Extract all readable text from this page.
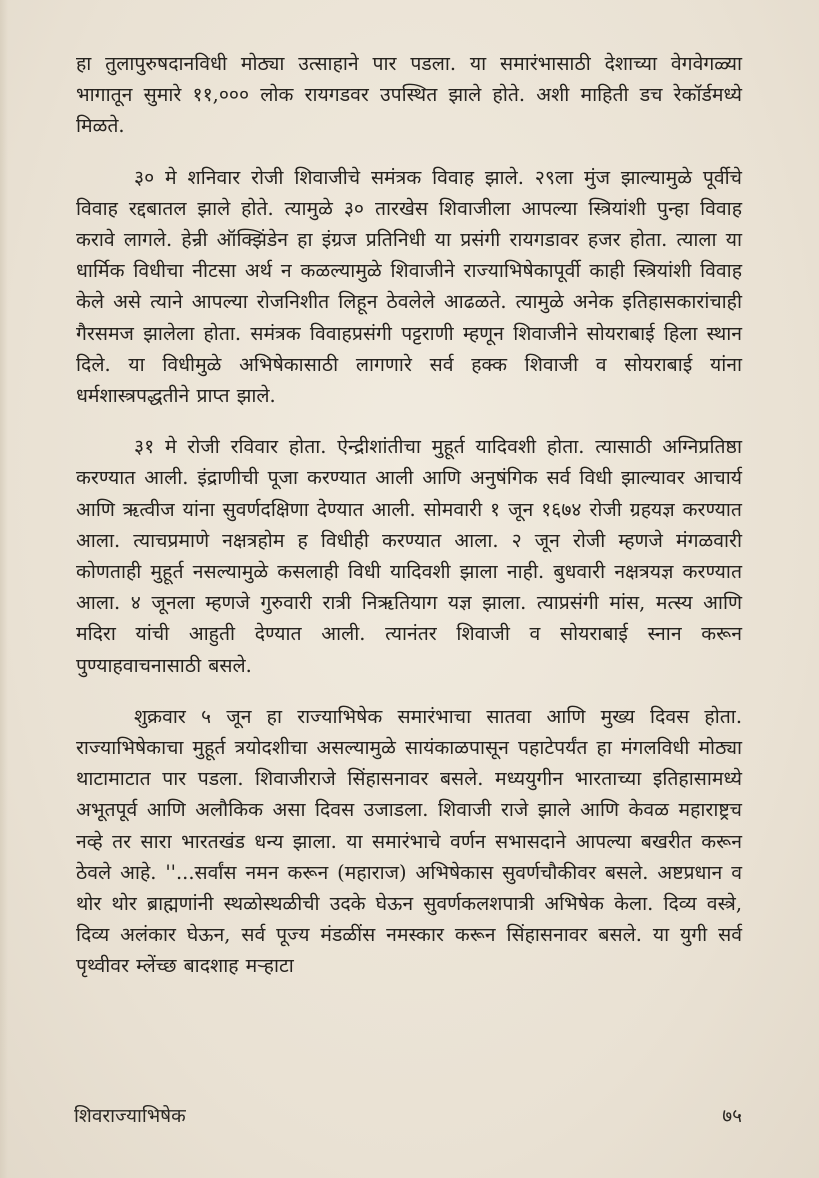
हा तुलापुरुषदानविधी मोठ्या उत्साहाने पार पडला. या समारंभासाठी देशाच्या वेगवेगळ्या भागातून सुमारे ११,००० लोक रायगडवर उपस्थित झाले होते. अशी माहिती डच रेकॉर्डमध्ये मिळते.

३० मे शनिवार रोजी शिवाजीचे समंत्रक विवाह झाले. २९ला मुंज झाल्यामुळे पूर्वीचे विवाह रद्दबातल झाले होते. त्यामुळे ३० तारखेस शिवाजीला आपल्या स्त्रियांशी पुन्हा विवाह करावे लागले. हेन्री ऑक्झिंडेन हा इंग्रज प्रतिनिधी या प्रसंगी रायगडावर हजर होता. त्याला या धार्मिक विधीचा नीटसा अर्थ न कळल्यामुळे शिवाजीने राज्याभिषेकापूर्वी काही स्त्रियांशी विवाह केले असे त्याने आपल्या रोजनिशीत लिहून ठेवलेले आढळते. त्यामुळे अनेक इतिहासकारांचाही गैरसमज झालेला होता. समंत्रक विवाहप्रसंगी पट्टराणी म्हणून शिवाजीने सोयराबाई हिला स्थान दिले. या विधीमुळे अभिषेकासाठी लागणारे सर्व हक्क शिवाजी व सोयराबाई यांना धर्मशास्त्रपद्धतीने प्राप्त झाले.

३१ मे रोजी रविवार होता. ऐन्द्रीशांतीचा मुहूर्त यादिवशी होता. त्यासाठी अग्निप्रतिष्ठा करण्यात आली. इंद्राणीची पूजा करण्यात आली आणि अनुषंगिक सर्व विधी झाल्यावर आचार्य आणि ऋत्वीज यांना सुवर्णदक्षिणा देण्यात आली. सोमवारी १ जून १६७४ रोजी ग्रहयज्ञ करण्यात आला. त्याचप्रमाणे नक्षत्रहोम ह विधीही करण्यात आला. २ जून रोजी म्हणजे मंगळवारी कोणताही मुहूर्त नसल्यामुळे कसलाही विधी यादिवशी झाला नाही. बुधवारी नक्षत्रयज्ञ करण्यात आला. ४ जूनला म्हणजे गुरुवारी रात्री निऋतियाग यज्ञ झाला. त्याप्रसंगी मांस, मत्स्य आणि मदिरा यांची आहुती देण्यात आली. त्यानंतर शिवाजी व सोयराबाई स्नान करून पुण्याहवाचनासाठी बसले.

शुक्रवार ५ जून हा राज्याभिषेक समारंभाचा सातवा आणि मुख्य दिवस होता. राज्याभिषेकाचा मुहूर्त त्रयोदशीचा असल्यामुळे सायंकाळपासून पहाटेपर्यंत हा मंगलविधी मोठ्या थाटामाटात पार पडला. शिवाजीराजे सिंहासनावर बसले. मध्ययुगीन भारताच्या इतिहासामध्ये अभूतपूर्व आणि अलौकिक असा दिवस उजाडला. शिवाजी राजे झाले आणि केवळ महाराष्ट्रच नव्हे तर सारा भारतखंड धन्य झाला. या समारंभाचे वर्णन सभासदाने आपल्या बखरीत करून ठेवले आहे. ''...सर्वांस नमन करून (महाराज) अभिषेकास सुवर्णचौकीवर बसले. अष्टप्रधान व थोर थोर ब्राह्मणांनी स्थळोस्थळीची उदके घेऊन सुवर्णकलशपात्री अभिषेक केला. दिव्य वस्त्रे, दिव्य अलंकार घेऊन, सर्व पूज्य मंडळींस नमस्कार करून सिंहासनावर बसले. या युगी सर्व पृथ्वीवर म्लेंच्छ बादशाह मऱ्हाटा

शिवराज्याभिषेक	७५
